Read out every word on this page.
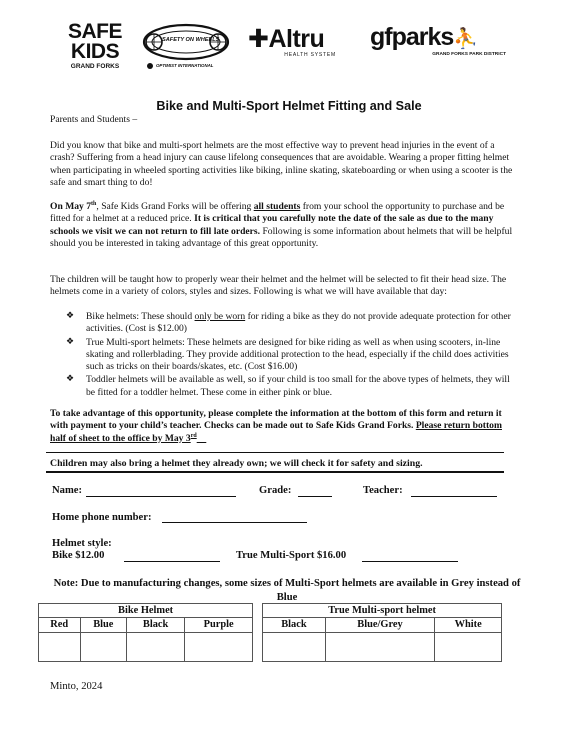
SAFE
KIDS
GRAND FORKS
SAFETY ON WHEELS
OPTIMIST INTERNATIONAL
✚Altru
HEALTH SYSTEM
gfparks⛹
GRAND FORKS PARK DISTRICT
Bike and Multi-Sport Helmet Fitting and Sale
Parents and Students –
Did you know that bike and multi-sport helmets are the most effective way to prevent head injuries in the event of a crash? Suffering from a head injury can cause lifelong consequences that are avoidable. Wearing a proper fitting helmet when participating in wheeled sporting activities like biking, inline skating, skateboarding or when using a scooter is the safe and smart thing to do!
On May 7th, Safe Kids Grand Forks will be offering all students from your school the opportunity to purchase and be fitted for a helmet at a reduced price. It is critical that you carefully note the date of the sale as due to the many schools we visit we can not return to fill late orders. Following is some information about helmets that will be helpful should you be interested in taking advantage of this great opportunity.
The children will be taught how to properly wear their helmet and the helmet will be selected to fit their head size. The helmets come in a variety of colors, styles and sizes. Following is what we will have available that day:
❖ Bike helmets: These should only be worn for riding a bike as they do not provide adequate protection for other activities. (Cost is $12.00)
❖ True Multi-sport helmets: These helmets are designed for bike riding as well as when using scooters, in-line skating and rollerblading. They provide additional protection to the head, especially if the child does activities such as tricks on their boards/skates, etc. (Cost $16.00)
❖ Toddler helmets will be available as well, so if your child is too small for the above types of helmets, they will be fitted for a toddler helmet. These come in either pink or blue.
To take advantage of this opportunity, please complete the information at the bottom of this form and return it with payment to your child’s teacher. Checks can be made out to Safe Kids Grand Forks. Please return bottom half of sheet to the office by May 3rd
Children may also bring a helmet they already own; we will check it for safety and sizing.
Name:	Grade:	Teacher:
Home phone number:
Helmet style:
Bike $12.00	True Multi-Sport $16.00
Note: Due to manufacturing changes, some sizes of Multi-Sport helmets are available in Grey instead of Blue
Bike Helmet					True Multi-sport helmet		
Red	Blue	Black	Purple		Black	Blue/Grey	White

Minto, 2024
